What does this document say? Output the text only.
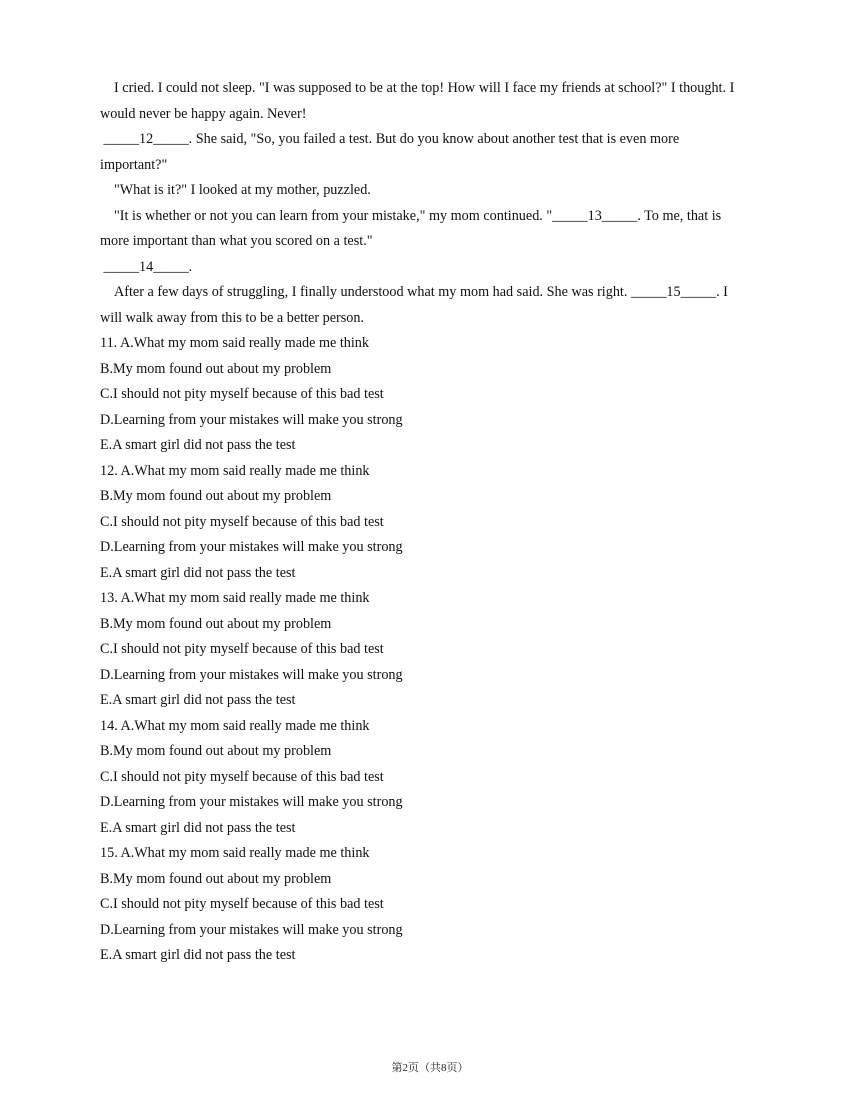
I cried. I could not sleep. "I was supposed to be at the top! How will I face my friends at school?" I thought. I
would never be happy again. Never!
_____12_____. She said, "So, you failed a test. But do you know about another test that is even more
important?"
"What is it?" I looked at my mother, puzzled.
"It is whether or not you can learn from your mistake," my mom continued. "_____13_____. To me, that is
more important than what you scored on a test."
_____14_____.
After a few days of struggling, I finally understood what my mom had said. She was right. _____15_____. I
will walk away from this to be a better person.
11. A.What my mom said really made me think
B.My mom found out about my problem
C.I should not pity myself because of this bad test
D.Learning from your mistakes will make you strong
E.A smart girl did not pass the test
12. A.What my mom said really made me think
B.My mom found out about my problem
C.I should not pity myself because of this bad test
D.Learning from your mistakes will make you strong
E.A smart girl did not pass the test
13. A.What my mom said really made me think
B.My mom found out about my problem
C.I should not pity myself because of this bad test
D.Learning from your mistakes will make you strong
E.A smart girl did not pass the test
14. A.What my mom said really made me think
B.My mom found out about my problem
C.I should not pity myself because of this bad test
D.Learning from your mistakes will make you strong
E.A smart girl did not pass the test
15. A.What my mom said really made me think
B.My mom found out about my problem
C.I should not pity myself because of this bad test
D.Learning from your mistakes will make you strong
E.A smart girl did not pass the test
第2页（共8页）
